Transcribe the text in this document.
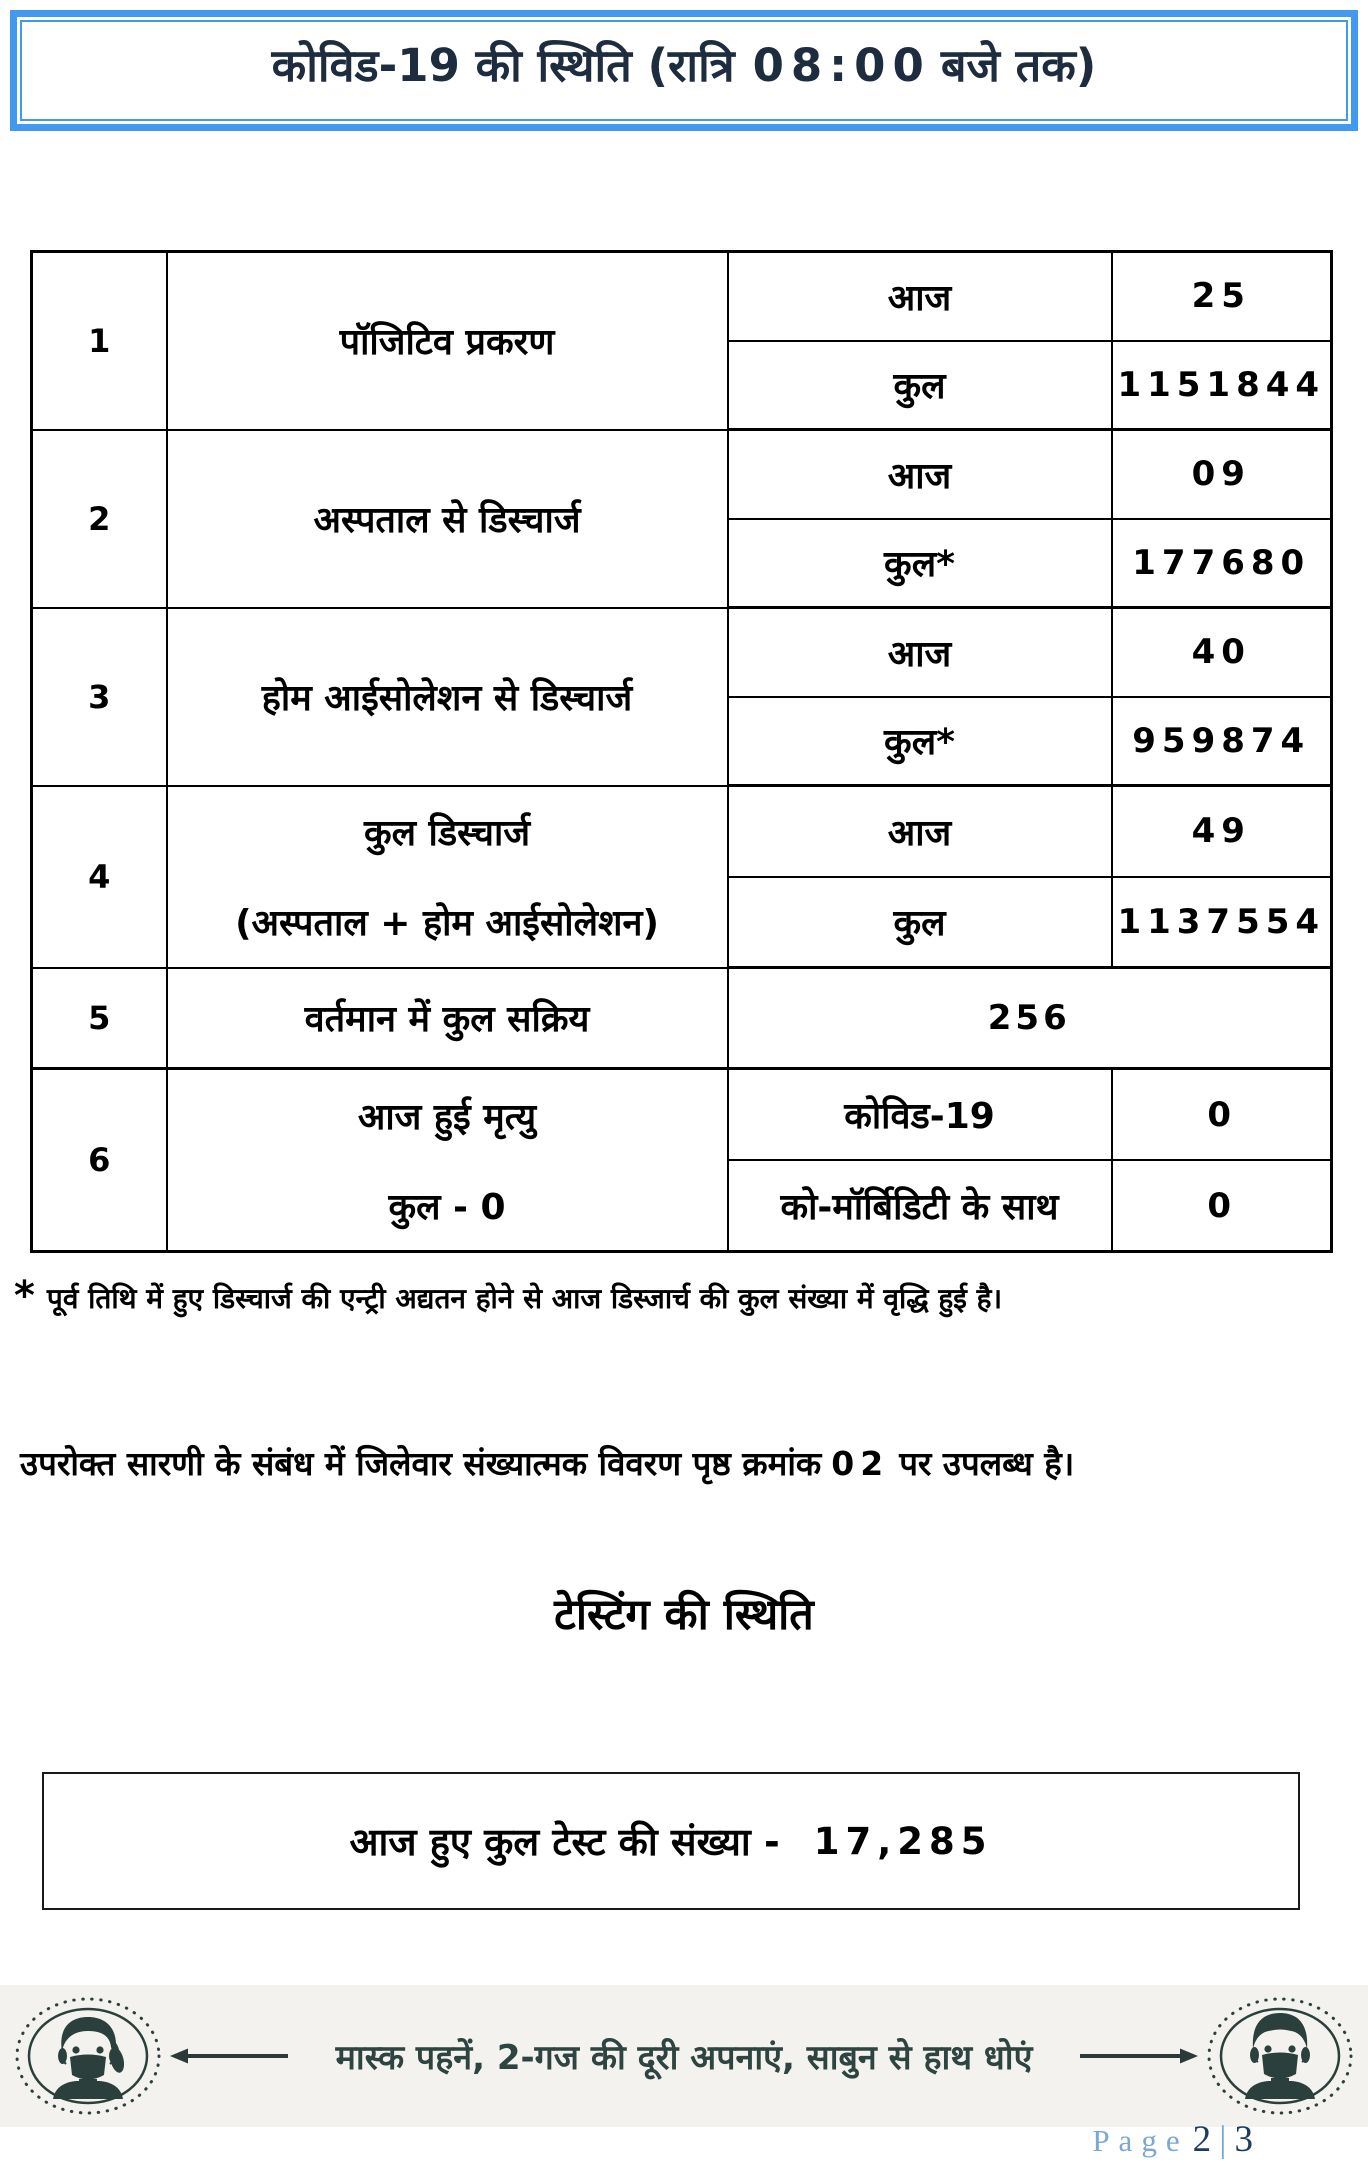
कोविड-19 की स्थिति (रात्रि 08:00 बजे तक)
1	पॉजिटिव प्रकरण	आज	25
		कुल	1151844
2	अस्पताल से डिस्चार्ज	आज	09
		कुल*	177680
3	होम आईसोलेशन से डिस्चार्ज	आज	40
		कुल*	959874
4	कुल डिस्चार्ज
(अस्पताल + होम आईसोलेशन)	आज	49
		कुल	1137554
5	वर्तमान में कुल सक्रिय	256	
6	आज हुई मृत्यु
कुल - 0	कोविड-19	0
		को-मॉर्बिडिटी के साथ	0
* पूर्व तिथि में हुए डिस्चार्ज की एन्ट्री अद्यतन होने से आज डिस्जार्च की कुल संख्या में वृद्धि हुई है।
उपरोक्त सारणी के संबंध में जिलेवार संख्यात्मक विवरण पृष्ठ क्रमांक 02 पर उपलब्ध है।
टेस्टिंग की स्थिति
आज हुए कुल टेस्ट की संख्या - 17,285
मास्क पहनें, 2-गज की दूरी अपनाएं, साबुन से हाथ धोएं
Page 2 | 3
